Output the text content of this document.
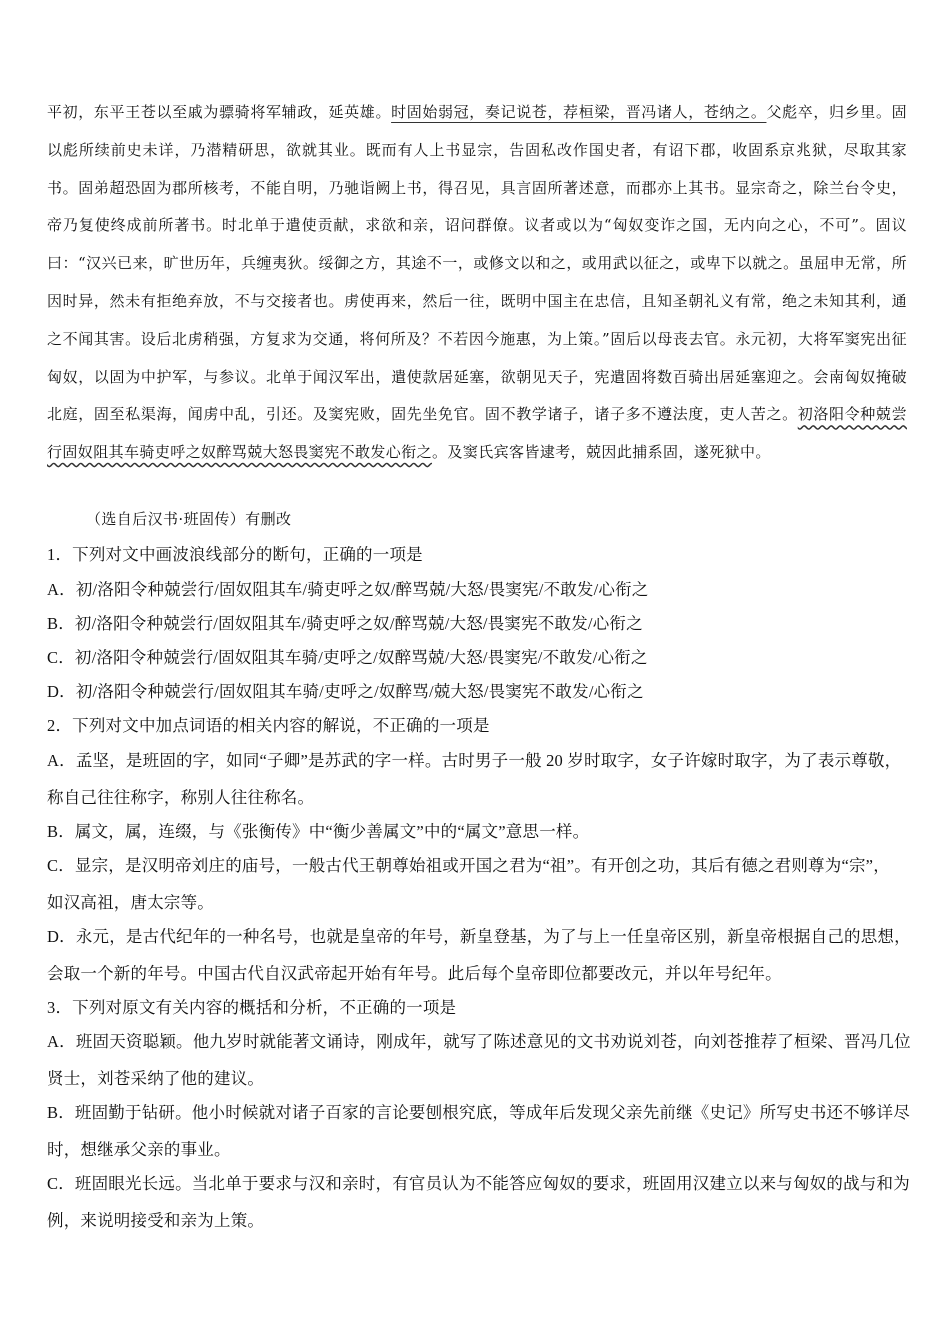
平初，东平王苍以至戚为骠骑将军辅政，延英雄。时固始弱冠，奏记说苍，荐桓梁，晋冯诸人，苍纳之。父彪卒，归乡里。固以彪所续前史未详，乃潜精研思，欲就其业。既而有人上书显宗，告固私改作国史者，有诏下郡，收固系京兆狱，尽取其家书。固弟超恐固为郡所核考，不能自明，乃驰诣阙上书，得召见，具言固所著述意，而郡亦上其书。显宗奇之，除兰台令史，帝乃复使终成前所著书。时北单于遣使贡献，求欲和亲，诏问群僚。议者或以为“匈奴变诈之国，无内向之心，不可”。固议曰：“汉兴已来，旷世历年，兵缠夷狄。绥御之方，其途不一，或修文以和之，或用武以征之，或卑下以就之。虽屈申无常，所因时异，然未有拒绝弃放，不与交接者也。虏使再来，然后一往，既明中国主在忠信，且知圣朝礼义有常，绝之未知其利，通之不闻其害。设后北虏稍强，方复求为交通，将何所及？不若因今施惠，为上策。”固后以母丧去官。永元初，大将军窦宪出征匈奴，以固为中护军，与参议。北单于闻汉军出，遣使款居延塞，欲朝见天子，宪遣固将数百骑出居延塞迎之。会南匈奴掩破北庭，固至私渠海，闻虏中乱，引还。及窦宪败，固先坐免官。固不教学诸子，诸子多不遵法度，吏人苦之。初洛阳令种兢尝行固奴阻其车骑吏呼之奴醉骂兢大怒畏窦宪不敢发心衔之。及窦氏宾客皆逮考，兢因此捕系固，遂死狱中。
（选自后汉书·班固传）有删改
1．下列对文中画波浪线部分的断句，正确的一项是
A．初/洛阳令种兢尝行/固奴阻其车/骑吏呼之奴/醉骂兢/大怒/畏窦宪/不敢发/心衔之
B．初/洛阳令种兢尝行/固奴阻其车/骑吏呼之奴/醉骂兢/大怒/畏窦宪不敢发/心衔之
C．初/洛阳令种兢尝行/固奴阻其车骑/吏呼之/奴醉骂兢/大怒/畏窦宪/不敢发/心衔之
D．初/洛阳令种兢尝行/固奴阻其车骑/吏呼之/奴醉骂/兢大怒/畏窦宪不敢发/心衔之
2．下列对文中加点词语的相关内容的解说，不正确的一项是
A．孟坚，是班固的字，如同“子卿”是苏武的字一样。古时男子一般 20 岁时取字，女子许嫁时取字，为了表示尊敬，
称自己往往称字，称别人往往称名。
B．属文，属，连缀，与《张衡传》中“衡少善属文”中的“属文”意思一样。
C．显宗，是汉明帝刘庄的庙号，一般古代王朝尊始祖或开国之君为“祖”。有开创之功，其后有德之君则尊为“宗”，
如汉高祖，唐太宗等。
D．永元，是古代纪年的一种名号，也就是皇帝的年号，新皇登基，为了与上一任皇帝区别，新皇帝根据自己的思想，
会取一个新的年号。中国古代自汉武帝起开始有年号。此后每个皇帝即位都要改元，并以年号纪年。
3．下列对原文有关内容的概括和分析，不正确的一项是
A．班固天资聪颖。他九岁时就能著文诵诗，刚成年，就写了陈述意见的文书劝说刘苍，向刘苍推荐了桓梁、晋冯几位
贤士，刘苍采纳了他的建议。
B．班固勤于钻研。他小时候就对诸子百家的言论要刨根究底，等成年后发现父亲先前继《史记》所写史书还不够详尽
时，想继承父亲的事业。
C．班固眼光长远。当北单于要求与汉和亲时，有官员认为不能答应匈奴的要求，班固用汉建立以来与匈奴的战与和为
例，来说明接受和亲为上策。
